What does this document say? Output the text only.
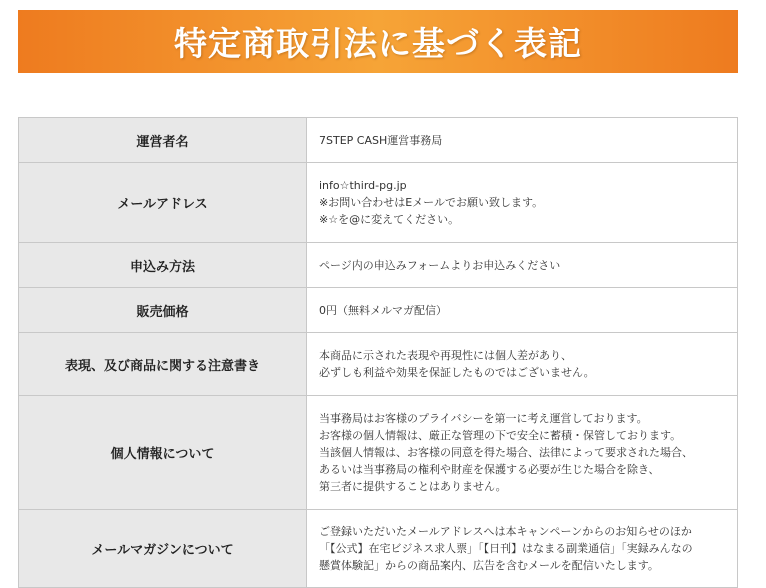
特定商取引法に基づく表記
運営者名	7STEP CASH運営事務局

メールアドレス	info☆third-pg.jp
※お問い合わせはEメールでお願い致します。
※☆を@に変えてください。

申込み方法	ページ内の申込みフォームよりお申込みください

販売価格	0円（無料メルマガ配信）

表現、及び商品に関する注意書き	本商品に示された表現や再現性には個人差があり、
必ずしも利益や効果を保証したものではございません。

個人情報について	当事務局はお客様のプライバシーを第一に考え運営しております。
お客様の個人情報は、厳正な管理の下で安全に蓄積・保管しております。
当該個人情報は、お客様の同意を得た場合、法律によって要求された場合、
あるいは当事務局の権利や財産を保護する必要が生じた場合を除き、
第三者に提供することはありません。

メールマガジンについて	ご登録いただいたメールアドレスへは本キャンペーンからのお知らせのほか
「【公式】在宅ビジネス求人票」「【日刊】はなまる副業通信」「実録みんなの
懸賞体験記」からの商品案内、広告を含むメールを配信いたします。
